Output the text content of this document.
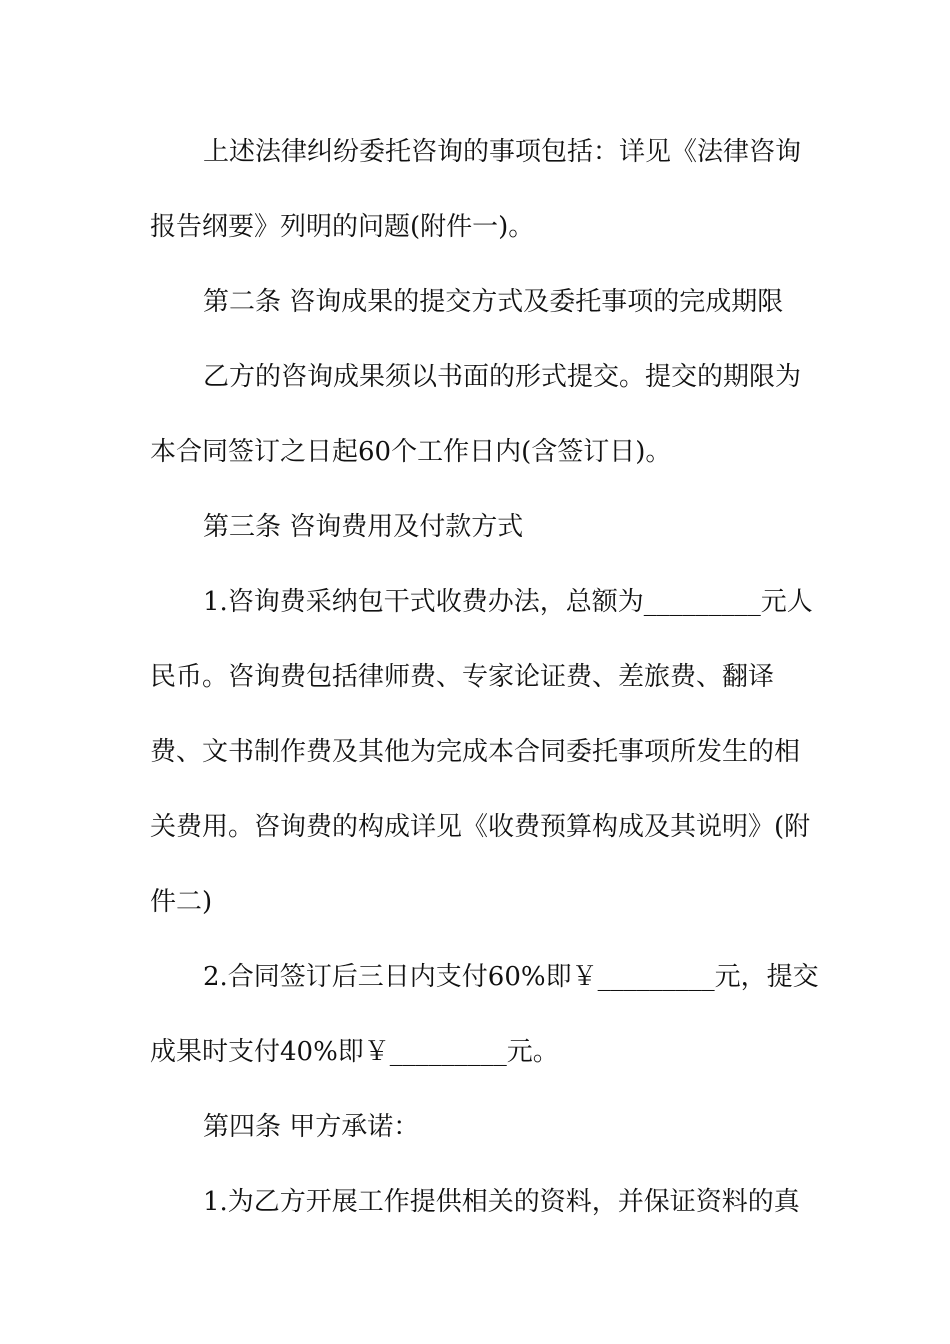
上述法律纠纷委托咨询的事项包括：详见《法律咨询
报告纲要》列明的问题(附件一)。
第二条 咨询成果的提交方式及委托事项的完成期限
乙方的咨询成果须以书面的形式提交。提交的期限为
本合同签订之日起60个工作日内(含签订日)。
第三条 咨询费用及付款方式
1.咨询费采纳包干式收费办法，总额为_________元人
民币。咨询费包括律师费、专家论证费、差旅费、翻译
费、文书制作费及其他为完成本合同委托事项所发生的相
关费用。咨询费的构成详见《收费预算构成及其说明》(附
件二)
2.合同签订后三日内支付60%即￥_________元，提交
成果时支付40%即￥_________元。
第四条 甲方承诺：
1.为乙方开展工作提供相关的资料，并保证资料的真
